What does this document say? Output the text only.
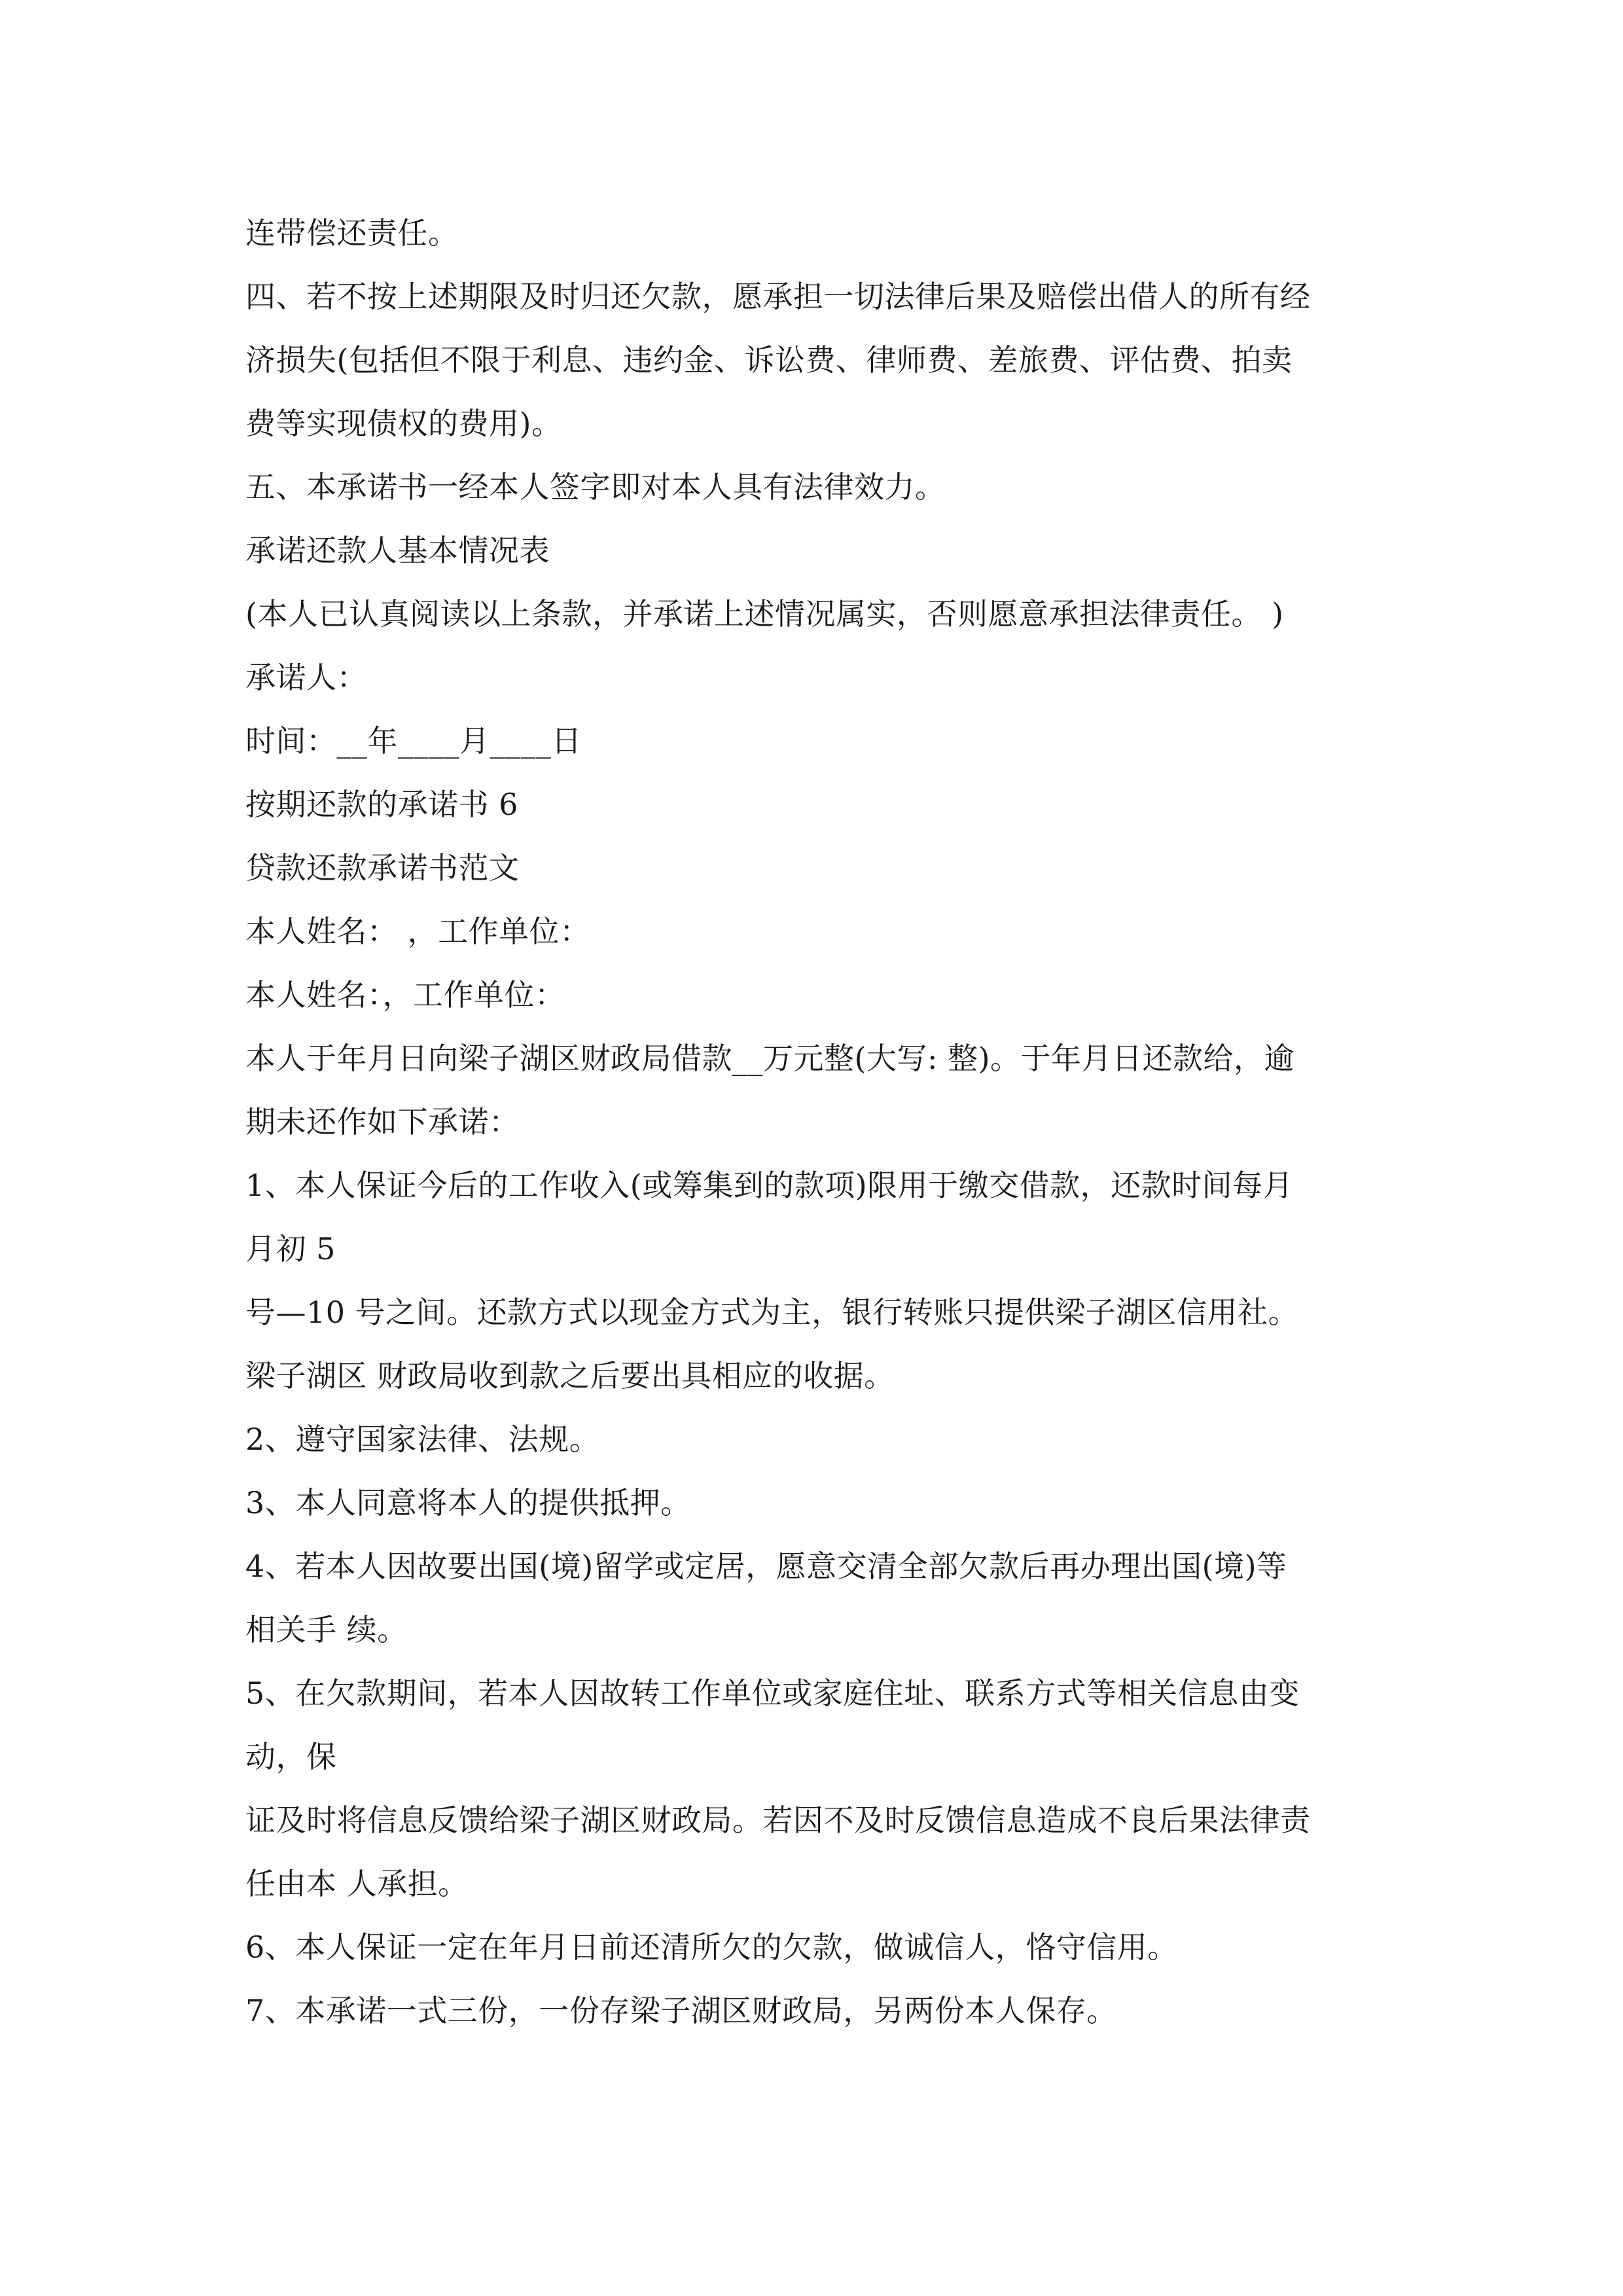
连带偿还责任。
四、若不按上述期限及时归还欠款，愿承担一切法律后果及赔偿出借人的所有经
济损失(包括但不限于利息、违约金、诉讼费、律师费、差旅费、评估费、拍卖
费等实现债权的费用)。
五、本承诺书一经本人签字即对本人具有法律效力。
承诺还款人基本情况表
(本人已认真阅读以上条款，并承诺上述情况属实，否则愿意承担法律责任。 )
承诺人：
时间：__年____月____日
按期还款的承诺书 6
贷款还款承诺书范文
本人姓名： ，工作单位：
本人姓名：，工作单位：
本人于年月日向梁子湖区财政局借款__万元整(大写: 整)。于年月日还款给，逾
期未还作如下承诺：
1、本人保证今后的工作收入(或筹集到的款项)限用于缴交借款，还款时间每月
月初 5
号—10 号之间。还款方式以现金方式为主，银行转账只提供梁子湖区信用社。
梁子湖区 财政局收到款之后要出具相应的收据。
2、遵守国家法律、法规。
3、本人同意将本人的提供抵押。
4、若本人因故要出国(境)留学或定居，愿意交清全部欠款后再办理出国(境)等
相关手 续。
5、在欠款期间，若本人因故转工作单位或家庭住址、联系方式等相关信息由变
动，保
证及时将信息反馈给梁子湖区财政局。若因不及时反馈信息造成不良后果法律责
任由本 人承担。
6、本人保证一定在年月日前还清所欠的欠款，做诚信人，恪守信用。
7、本承诺一式三份，一份存梁子湖区财政局，另两份本人保存。
